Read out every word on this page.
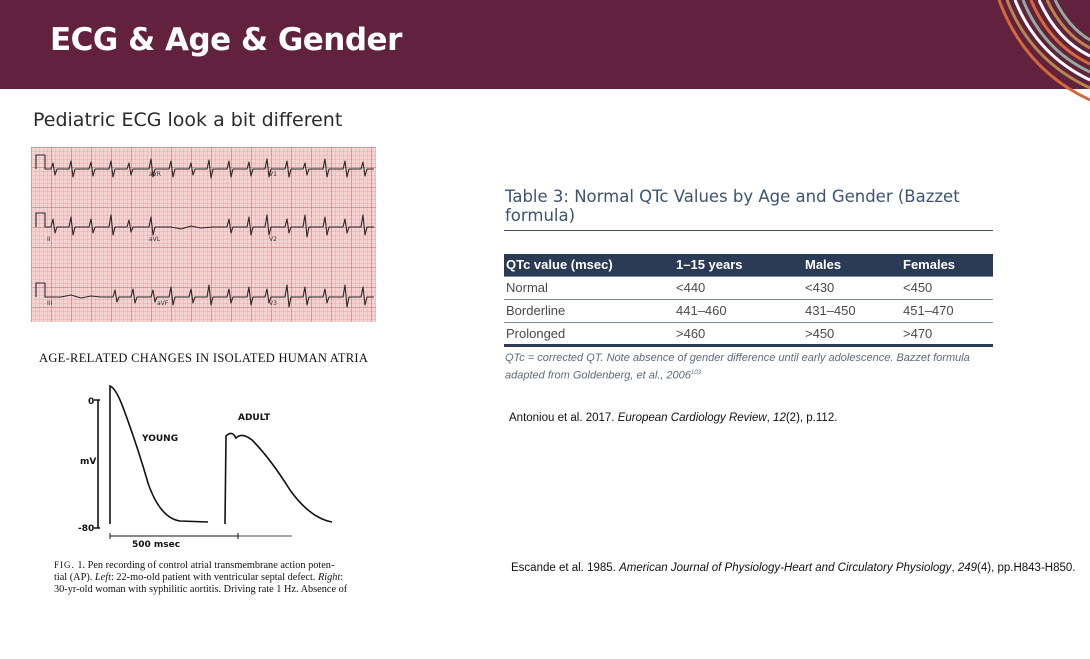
ECG & Age & Gender
Pediatric ECG look a bit different
aVR	V1
II	aVL	V2
III	aVF	V3
AGE-RELATED CHANGES IN ISOLATED HUMAN ATRIA
0
mV
-80
YOUNG
ADULT
500 msec
FIG. 1. Pen recording of control atrial transmembrane action poten-
tial (AP). Left: 22-mo-old patient with ventricular septal defect. Right:
30-yr-old woman with syphilitic aortitis. Driving rate 1 Hz. Absence of
Table 3: Normal QTc Values by Age and Gender (Bazzet formula)
QTc value (msec)	1–15 years	Males	Females
Normal	<440	<430	<450
Borderline	441–460	431–450	451–470
Prolonged	>460	>450	>470
QTc = corrected QT. Note absence of gender difference until early adolescence. Bazzet formula adapted from Goldenberg, et al., 2006$^{103}$
Antoniou et al. 2017. European Cardiology Review, 12(2), p.112.
Escande et al. 1985. American Journal of Physiology-Heart and Circulatory Physiology, 249(4), pp.H843-H850.
